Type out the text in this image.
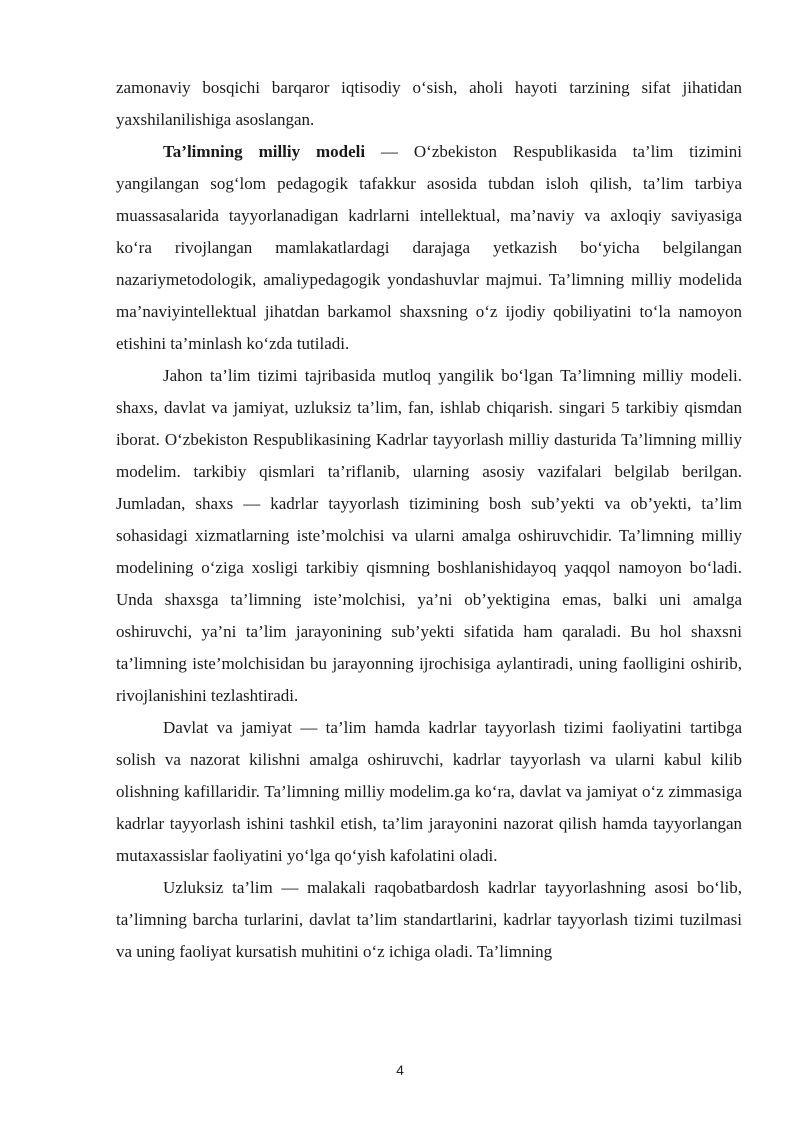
zamonaviy bosqichi barqaror iqtisodiy o‘sish, aholi hayoti tarzining sifat jihatidan yaxshilanilishiga asoslangan.

Ta’limning milliy modeli — O‘zbekiston Respublikasida ta’lim tizimini yangilangan sog‘lom pedagogik tafakkur asosida tubdan isloh qilish, ta’lim tarbiya muassasalarida tayyorlanadigan kadrlarni intellektual, ma’naviy va axloqiy saviyasiga ko‘ra rivojlangan mamlakatlardagi darajaga yetkazish bo‘yicha belgilangan nazariymetodologik, amaliypedagogik yondashuvlar majmui. Ta’limning milliy modelida ma’naviyintellektual jihatdan barkamol shaxsning o‘z ijodiy qobiliyatini to‘la namoyon etishini ta’minlash ko‘zda tutiladi.

Jahon ta’lim tizimi tajribasida mutloq yangilik bo‘lgan Ta’limning milliy modeli. shaxs, davlat va jamiyat, uzluksiz ta’lim, fan, ishlab chiqarish. singari 5 tarkibiy qismdan iborat. O‘zbekiston Respublikasining Kadrlar tayyorlash milliy dasturida Ta’limning milliy modelim. tarkibiy qismlari ta’riflanib, ularning asosiy vazifalari belgilab berilgan. Jumladan, shaxs — kadrlar tayyorlash tizimining bosh sub’yekti va ob’yekti, ta’lim sohasidagi xizmatlarning iste’molchisi va ularni amalga oshiruvchidir. Ta’limning milliy modelining o‘ziga xosligi tarkibiy qismning boshlanishidayoq yaqqol namoyon bo‘ladi. Unda shaxsga ta’limning iste’molchisi, ya’ni ob’yektigina emas, balki uni amalga oshiruvchi, ya’ni ta’lim jarayonining sub’yekti sifatida ham qaraladi. Bu hol shaxsni ta’limning iste’molchisidan bu jarayonning ijrochisiga aylantiradi, uning faolligini oshirib, rivojlanishini tezlashtiradi.

Davlat va jamiyat — ta’lim hamda kadrlar tayyorlash tizimi faoliyatini tartibga solish va nazorat kilishni amalga oshiruvchi, kadrlar tayyorlash va ularni kabul kilib olishning kafillaridir. Ta’limning milliy modelim.ga ko‘ra, davlat va jamiyat o‘z zimmasiga kadrlar tayyorlash ishini tashkil etish, ta’lim jarayonini nazorat qilish hamda tayyorlangan mutaxassislar faoliyatini yo‘lga qo‘yish kafolatini oladi.

Uzluksiz ta’lim — malakali raqobatbardosh kadrlar tayyorlashning asosi bo‘lib, ta’limning barcha turlarini, davlat ta’lim standartlarini, kadrlar tayyorlash tizimi tuzilmasi va uning faoliyat kursatish muhitini o‘z ichiga oladi. Ta’limning

4
